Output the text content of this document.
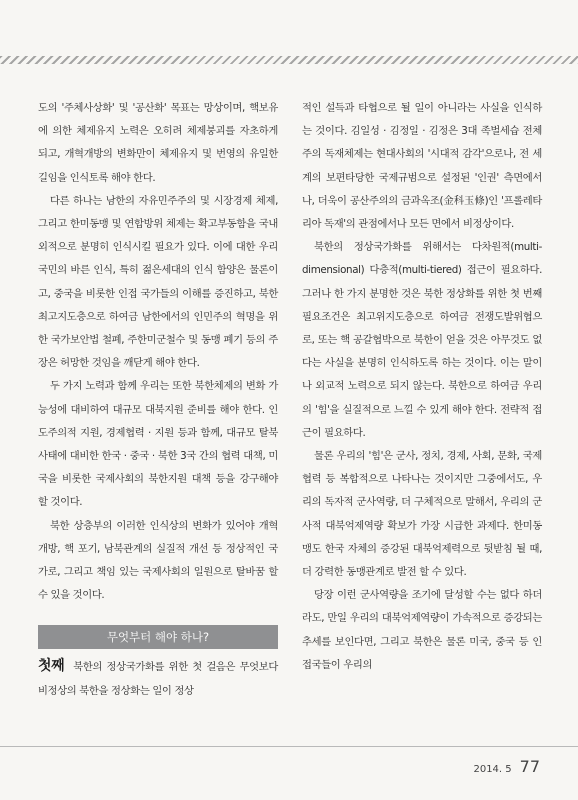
도의 '주체사상화' 및 '공산화' 목표는 망상이며, 핵보유에 의한 체제유지 노력은 오히려 체제붕괴를 자초하게 되고, 개혁개방의 변화만이 체제유지 및 번영의 유일한 길임을 인식토록 해야 한다.

다른 하나는 남한의 자유민주주의 및 시장경제 체제, 그리고 한미동맹 및 연합방위 체제는 확고부동함을 국내외적으로 분명히 인식시킬 필요가 있다. 이에 대한 우리 국민의 바른 인식, 특히 젊은세대의 인식 함양은 물론이고, 중국을 비롯한 인접 국가들의 이해를 증진하고, 북한 최고지도층으로 하여금 남한에서의 인민주의 혁명을 위한 국가보안법 철폐, 주한미군철수 및 동맹 폐기 등의 주장은 허망한 것임을 깨닫게 해야 한다.

두 가지 노력과 함께 우리는 또한 북한체제의 변화 가능성에 대비하여 대규모 대북지원 준비를 해야 한다. 인도주의적 지원, 경제협력 · 지원 등과 함께, 대규모 탈북사태에 대비한 한국 · 중국 · 북한 3국 간의 협력 대책, 미국을 비롯한 국제사회의 북한지원 대책 등을 강구해야 할 것이다.

북한 상층부의 이러한 인식상의 변화가 있어야 개혁개방, 핵 포기, 남북관계의 실질적 개선 등 정상적인 국가로, 그리고 책임 있는 국제사회의 일원으로 탈바꿈 할 수 있을 것이다.

무엇부터 해야 하나?

첫째 북한의 정상국가화를 위한 첫 걸음은 무엇보다 비정상의 북한을 정상화는 일이 정상

적인 설득과 타협으로 될 일이 아니라는 사실을 인식하는 것이다. 김일성 · 김정일 · 김정은 3대 족벌세습 전체주의 독재체제는 현대사회의 '시대적 감각'으로나, 전 세계의 보편타당한 국제규범으로 설정된 '인권' 측면에서나, 더욱이 공산주의의 금과옥조(金科玉條)인 '프롤레타리아 독재'의 관점에서나 모든 면에서 비정상이다.

북한의 정상국가화를 위해서는 다차원적(multi-dimensional) 다층적(multi-tiered) 접근이 필요하다. 그러나 한 가지 분명한 것은 북한 정상화를 위한 첫 번째 필요조건은 최고위지도층으로 하여금 전쟁도발위협으로, 또는 핵 공갈협박으로 북한이 얻을 것은 아무것도 없다는 사실을 분명히 인식하도록 하는 것이다. 이는 말이나 외교적 노력으로 되지 않는다. 북한으로 하여금 우리의 '힘'을 실질적으로 느낄 수 있게 해야 한다. 전략적 접근이 필요하다.

물론 우리의 '힘'은 군사, 정치, 경제, 사회, 문화, 국제협력 등 복합적으로 나타나는 것이지만 그중에서도, 우리의 독자적 군사역량, 더 구체적으로 말해서, 우리의 군사적 대북억제역량 확보가 가장 시급한 과제다. 한미동맹도 한국 자체의 증강된 대북억제력으로 뒷받침 될 때, 더 강력한 동맹관계로 발전 할 수 있다.

당장 이런 군사역량을 조기에 달성할 수는 없다 하더라도, 만일 우리의 대북억제역량이 가속적으로 증강되는 추세를 보인다면, 그리고 북한은 물론 미국, 중국 등 인접국들이 우리의

2014. 5 77
